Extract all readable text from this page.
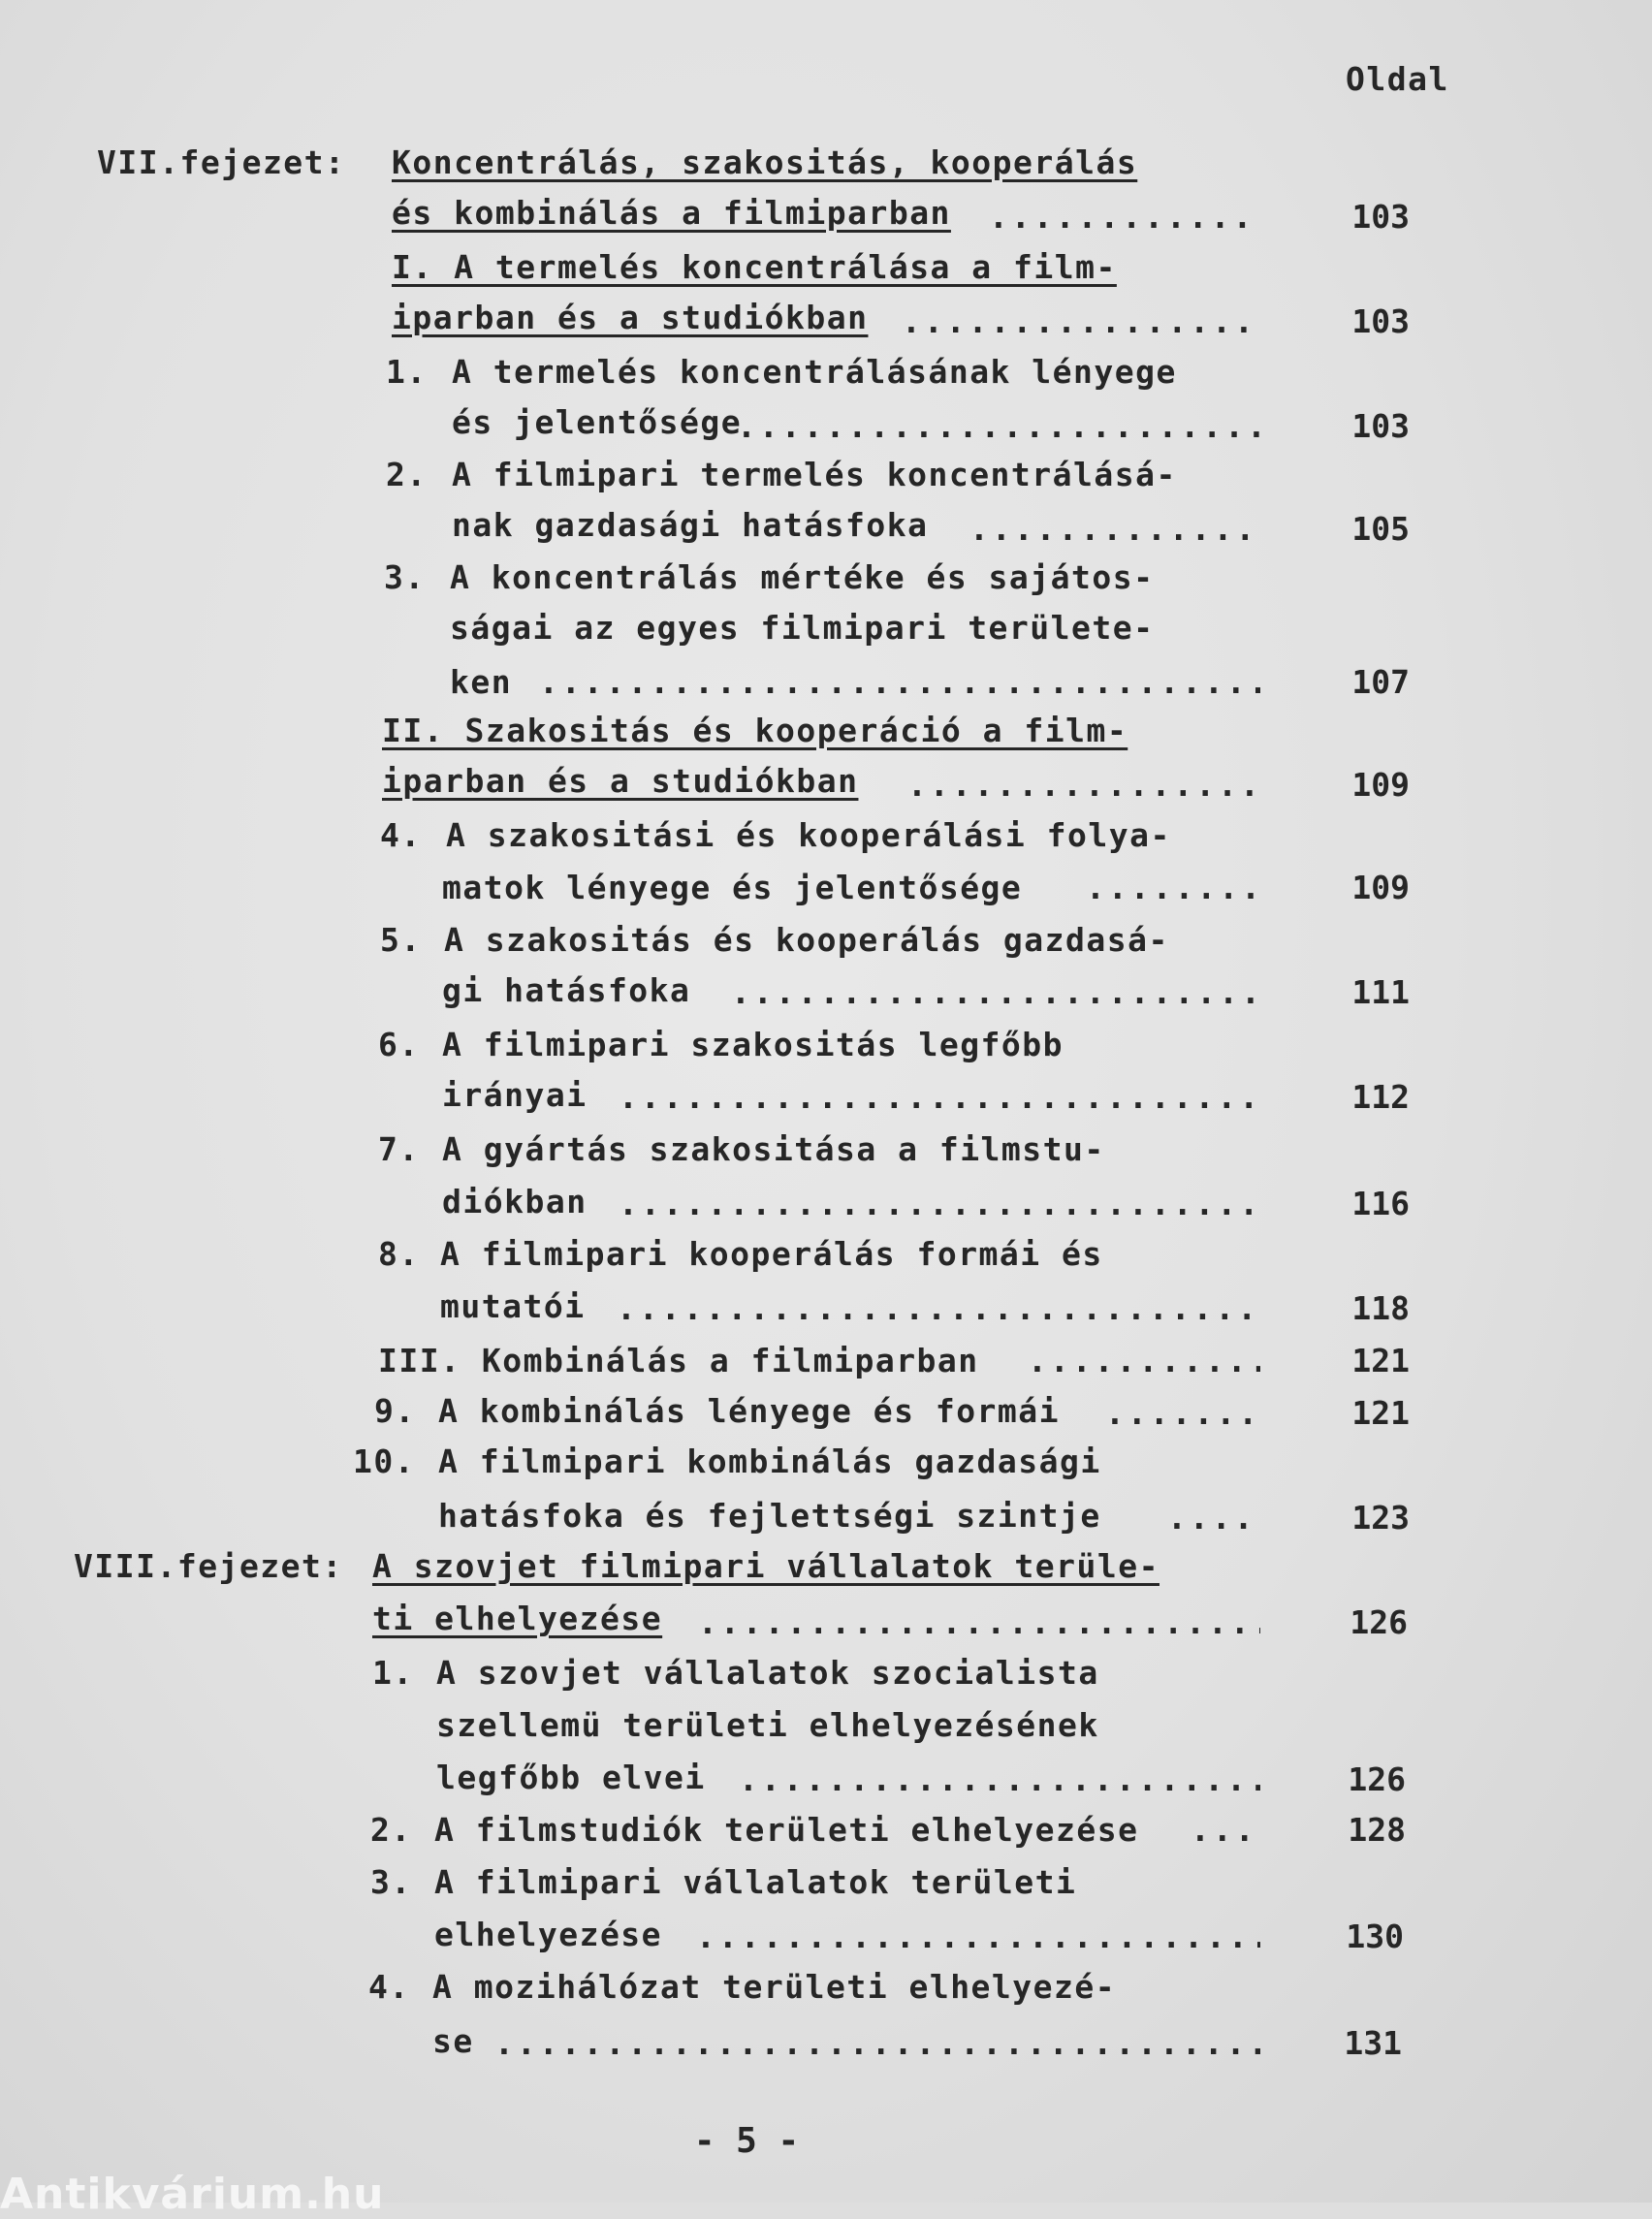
Oldal
VII.fejezet: Koncentrálás, szakositás, kooperálás
és kombinálás a filmiparban .....	103
I. A termelés koncentrálása a film-
iparban és a studiókban .....	103
1. A termelés koncentrálásának lényege
és jelentősége .....	103
2. A filmipari termelés koncentrálásá-
nak gazdasági hatásfoka .....	105
3. A koncentrálás mértéke és sajátos-
ságai az egyes filmipari területe-
ken .....	107
II. Szakositás és kooperáció a film-
iparban és a studiókban .....	109
4. A szakositási és kooperálási folya-
matok lényege és jelentősége .....	109
5. A szakositás és kooperálás gazdasá-
gi hatásfoka .....	111
6. A filmipari szakositás legfőbb
irányai .....	112
7. A gyártás szakositása a filmstu-
diókban .....	116
8. A filmipari kooperálás formái és
mutatói .....	118
III. Kombinálás a filmiparban .....	121
9. A kombinálás lényege és formái .....	121
10. A filmipari kombinálás gazdasági
hatásfoka és fejlettségi szintje .....	123
VIII.fejezet: A szovjet filmipari vállalatok terüle-
ti elhelyezése .....	126
1. A szovjet vállalatok szocialista
szellemü területi elhelyezésének
legfőbb elvei .....	126
2. A filmstudiók területi elhelyezése .....	128
3. A filmipari vállalatok területi
elhelyezése .....	130
4. A mozihálózat területi elhelyezé-
se .....	131
- 5 -
Antikvárium.hu
